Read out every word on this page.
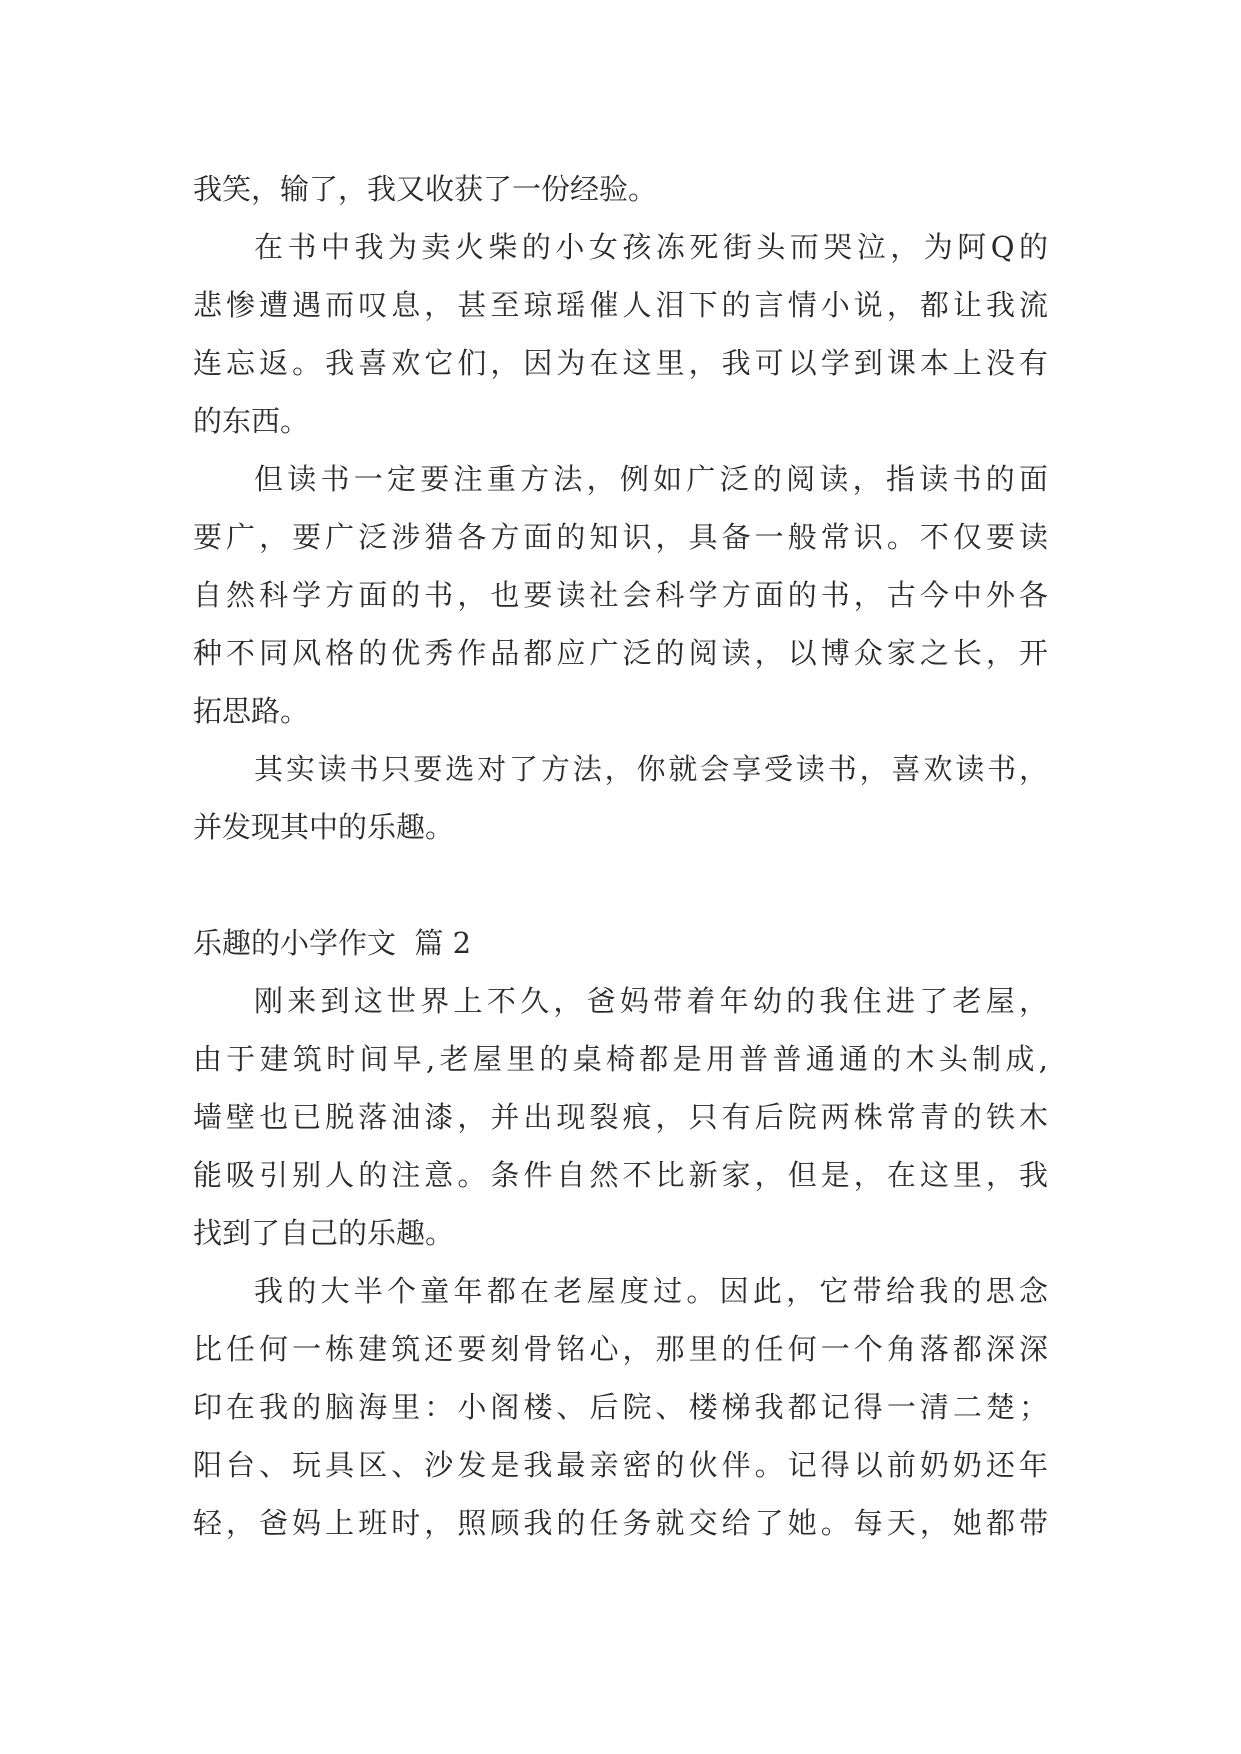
我笑，输了，我又收获了一份经验。
在书中我为卖火柴的小女孩冻死街头而哭泣，为阿Q的
悲惨遭遇而叹息，甚至琼瑶催人泪下的言情小说，都让我流
连忘返。我喜欢它们，因为在这里，我可以学到课本上没有
的东西。
但读书一定要注重方法，例如广泛的阅读，指读书的面
要广，要广泛涉猎各方面的知识，具备一般常识。不仅要读
自然科学方面的书，也要读社会科学方面的书，古今中外各
种不同风格的优秀作品都应广泛的阅读，以博众家之长，开
拓思路。
其实读书只要选对了方法，你就会享受读书，喜欢读书，
并发现其中的乐趣。
乐趣的小学作文  篇 2
刚来到这世界上不久，爸妈带着年幼的我住进了老屋，
由于建筑时间早,老屋里的桌椅都是用普普通通的木头制成,
墙壁也已脱落油漆，并出现裂痕，只有后院两株常青的铁木
能吸引别人的注意。条件自然不比新家，但是，在这里，我
找到了自己的乐趣。
我的大半个童年都在老屋度过。因此，它带给我的思念
比任何一栋建筑还要刻骨铭心，那里的任何一个角落都深深
印在我的脑海里：小阁楼、后院、楼梯我都记得一清二楚；
阳台、玩具区、沙发是我最亲密的伙伴。记得以前奶奶还年
轻，爸妈上班时，照顾我的任务就交给了她。每天，她都带
